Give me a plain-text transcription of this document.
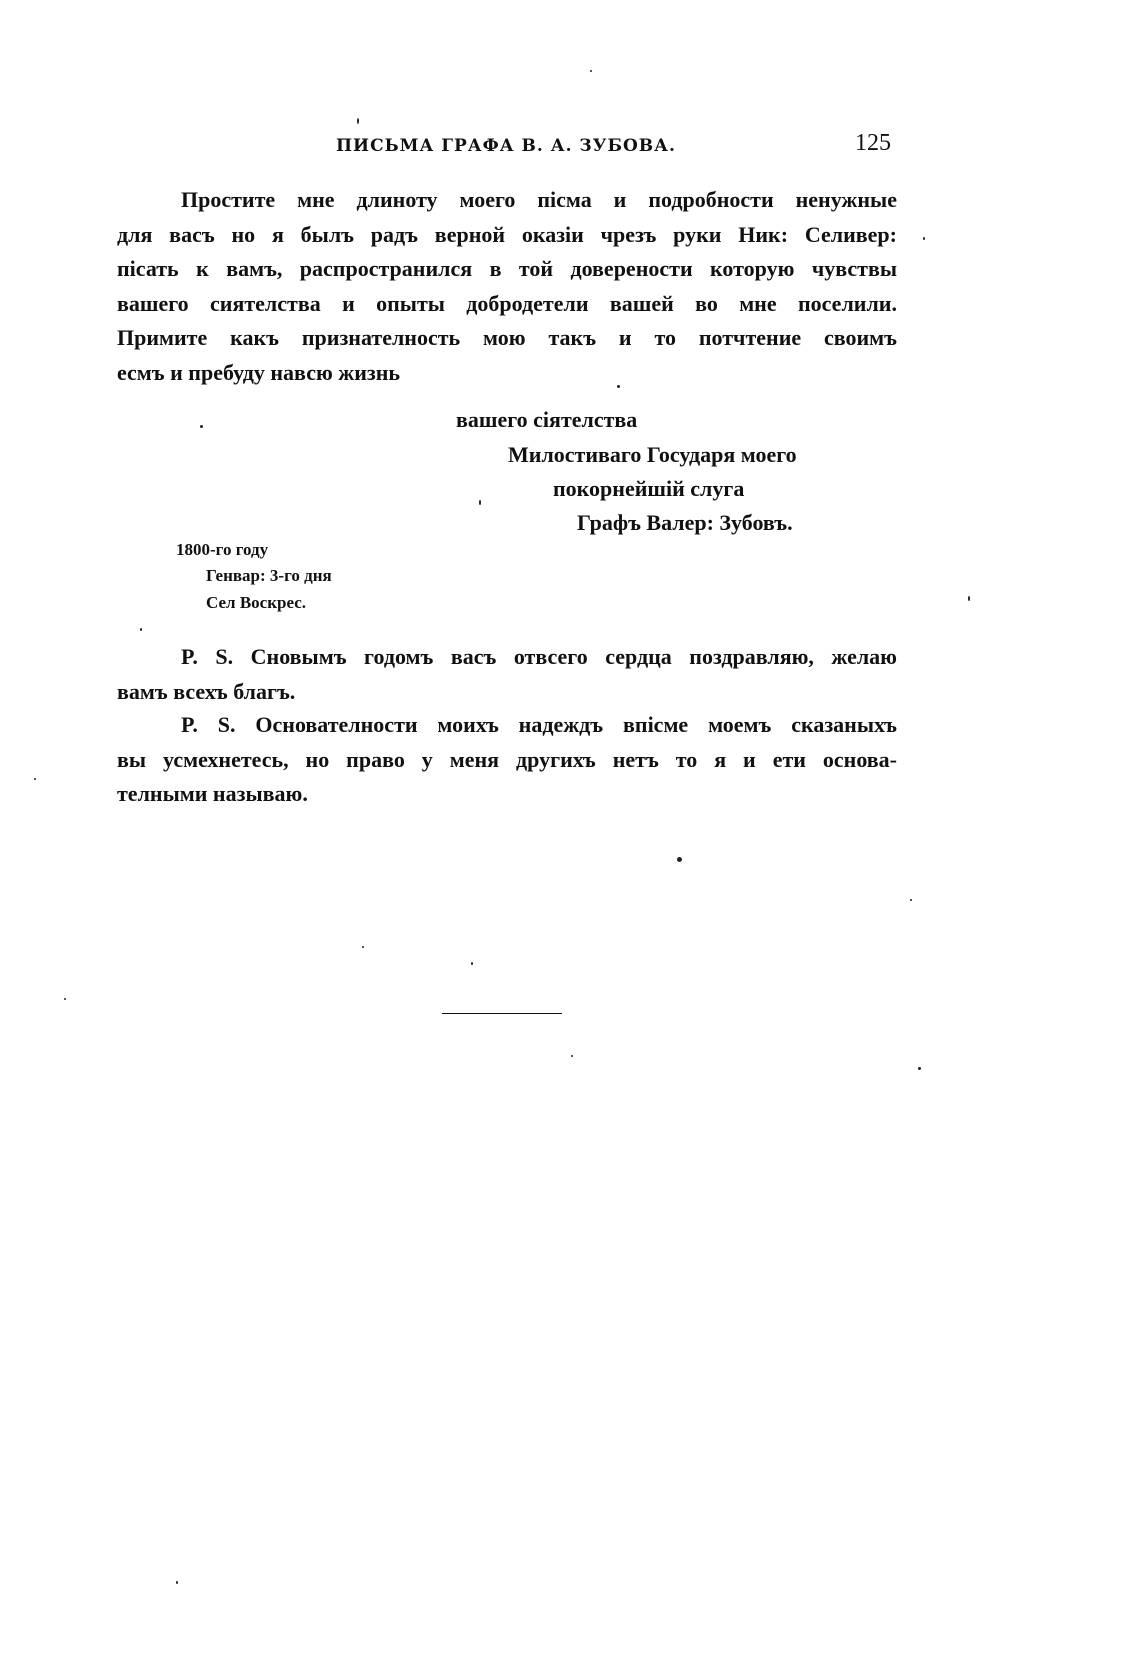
ПИСЬМА ГРАФА В. А. ЗУБОВА.	125
Простите мне длиноту моего пiсма и подробности ненужные
для васъ но я былъ радъ верной оказiи чрезъ руки Ник: Селивер:
пiсать к вамъ, распространился в той доверености которую чувствы
вашего сиятелства и опыты добродетели вашей во мне поселили.
Примите какъ признателность мою такъ и то потчтение своимъ
есмъ и пребуду навсю жизнь
вашего сiятелства
Милостиваго Государя моего
покорнейшiй слуга
Графъ Валер: Зубовъ.
1800-го году
Генвар: 3-го дня
Сел Воскрес.
P. S. Сновымъ годомъ васъ отвсего сердца поздравляю, желаю
вамъ всехъ благъ.
P. S. Основателности моихъ надеждъ впiсме моемъ сказаныхъ
вы усмехнетесь, но право у меня другихъ нетъ то я и ети основа-
телными называю.
